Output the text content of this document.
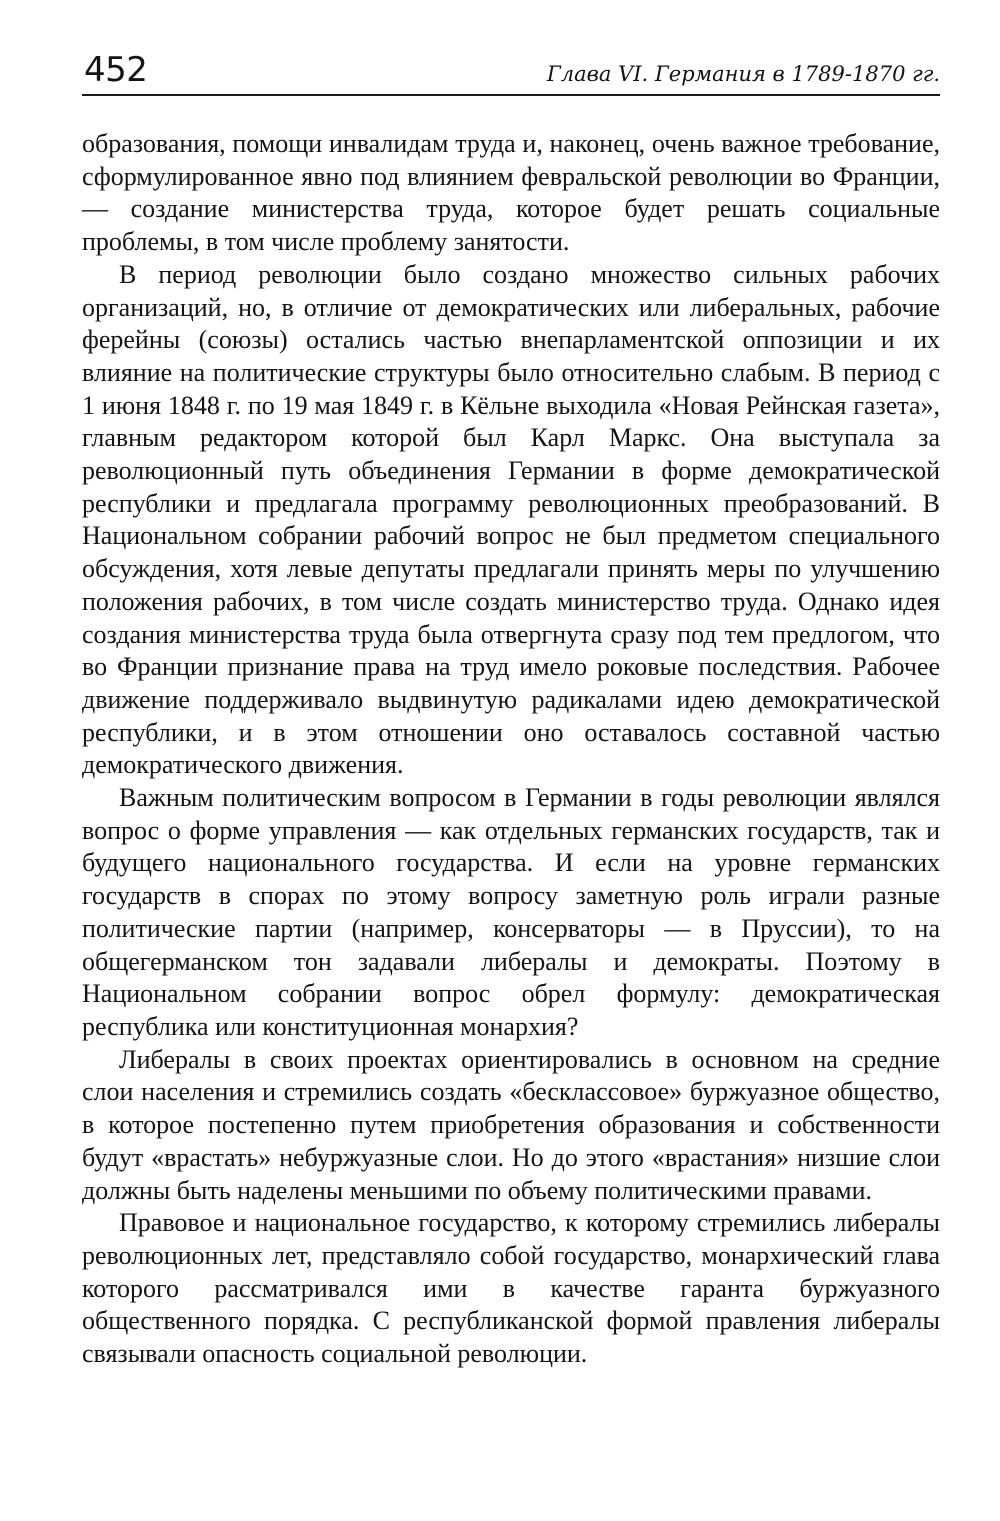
452	Глава VI. Германия в 1789-1870 гг.

образования, помощи инвалидам труда и, наконец, очень важное требование, сформулированное явно под влиянием февральской революции во Франции, — создание министерства труда, которое будет решать социальные проблемы, в том числе проблему занятости.

В период революции было создано множество сильных рабочих организаций, но, в отличие от демократических или либеральных, рабочие ферейны (союзы) остались частью внепарламентской оппозиции и их влияние на политические структуры было относительно слабым. В период с 1 июня 1848 г. по 19 мая 1849 г. в Кёльне выходила «Новая Рейнская газета», главным редактором которой был Карл Маркс. Она выступала за революционный путь объединения Германии в форме демократической республики и предлагала программу революционных преобразований. В Национальном собрании рабочий вопрос не был предметом специального обсуждения, хотя левые депутаты предлагали принять меры по улучшению положения рабочих, в том числе создать министерство труда. Однако идея создания министерства труда была отвергнута сразу под тем предлогом, что во Франции признание права на труд имело роковые последствия. Рабочее движение поддерживало выдвинутую радикалами идею демократической республики, и в этом отношении оно оставалось составной частью демократического движения.

Важным политическим вопросом в Германии в годы революции являлся вопрос о форме управления — как отдельных германских государств, так и будущего национального государства. И если на уровне германских государств в спорах по этому вопросу заметную роль играли разные политические партии (например, консерваторы — в Пруссии), то на общегерманском тон задавали либералы и демократы. Поэтому в Национальном собрании вопрос обрел формулу: демократическая республика или конституционная монархия?

Либералы в своих проектах ориентировались в основном на средние слои населения и стремились создать «бесклассовое» буржуазное общество, в которое постепенно путем приобретения образования и собственности будут «врастать» небуржуазные слои. Но до этого «врастания» низшие слои должны быть наделены меньшими по объему политическими правами.

Правовое и национальное государство, к которому стремились либералы революционных лет, представляло собой государство, монархический глава которого рассматривался ими в качестве гаранта буржуазного общественного порядка. С республиканской формой правления либералы связывали опасность социальной революции.
